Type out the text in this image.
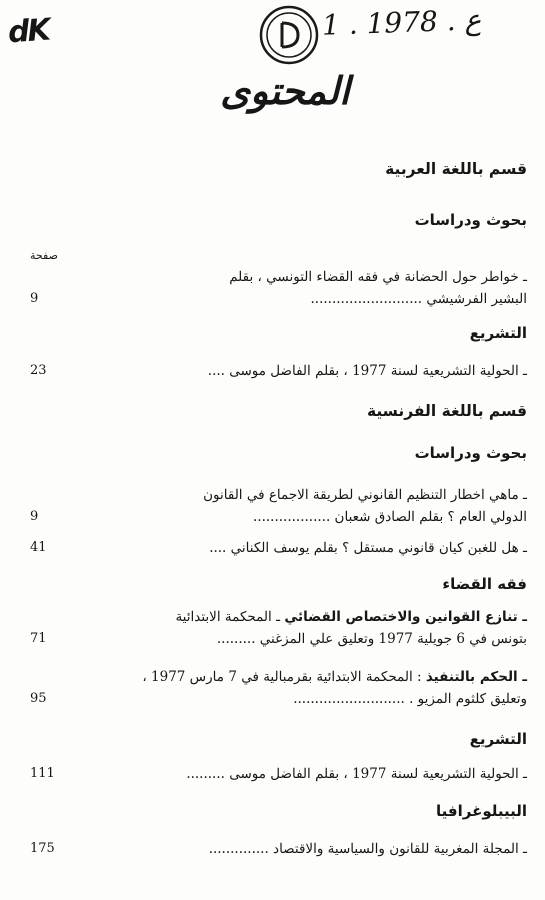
dK	1 . ع . 1978
المحتوى
قسم باللغة العربية
بحوث ودراسات
صفحة
ـ خواطر حول الحضانة في فقه القضاء التونسي ، بقلم
البشير الفرشيشي ..........................
9
التشريع
ـ الحولية التشريعية لسنة 1977 ، بقلم الفاضل موسى ....
23
قسم باللغة الفرنسية
بحوث ودراسات
ـ ماهي اخطار التنظيم القانوني لطريقة الاجماع في القانون
الدولي العام ؟ بقلم الصادق شعبان ..................
9
ـ هل للغبن كيان قانوني مستقل ؟ بقلم يوسف الكناني ....
41
فقه القضاء
ـ تنازع القوانين والاختصاص القضائي ـ المحكمة الابتدائية
بتونس في 6 جويلية 1977 وتعليق علي المزغني .........
71
ـ الحكم بالتنفيذ : المحكمة الابتدائية بقرمبالية في 7 مارس 1977 ،
وتعليق كلثوم المزيو . ..........................
95
التشريع
ـ الحولية التشريعية لسنة 1977 ، بقلم الفاضل موسى .........
111
البيبلوغرافيا
ـ المجلة المغربية للقانون والسياسية والاقتصاد ..............
175
